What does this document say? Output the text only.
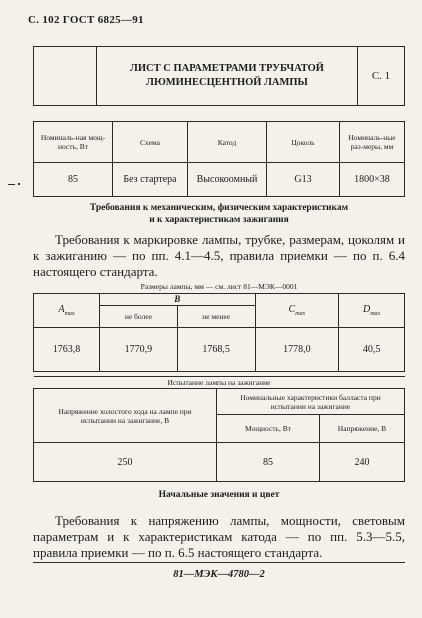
С. 102 ГОСТ 6825—91

ЛИСТ С ПАРАМЕТРАМИ ТРУБЧАТОЙ
ЛЮМИНЕСЦЕНТНОЙ ЛАМПЫ
	С. 1
Номиналь-ная мощ-ность, Вт	Схема	Катод	Цоколь	Номиналь-ные раз-меры, мм
85	Без стартера	Высокоомный	G13	1800×38
Требования к механическим, физическим характеристикам
и к характеристикам зажигания

Требования к маркировке лампы, трубке, размерам, цоколям и к зажиганию — по пп. 4.1—4.5, правила приемки — по п. 6.4 настоящего стандарта.

Размеры лампы, мм — см. лист 81—МЭК—0001				
$A_{max}$	B		$C_{max}$	$D_{max}$
	не более	не менее		
1763,8	1770,9	1768,5	1778,0	40,5
Испытание лампы на зажигание		
Напряжение холостого хода на лампе при испытании на зажигание, В	Номинальные характеристики балласта при испытании на зажигание	
	Мощность, Вт	Напряжение, В
250	85	240
Начальные значения и цвет

Требования к напряжению лампы, мощности, световым параметрам и к характеристикам катода — по пп. 5.3—5.5, правила приемки — по п. 6.5 настоящего стандарта.

81—МЭК—4780—2
